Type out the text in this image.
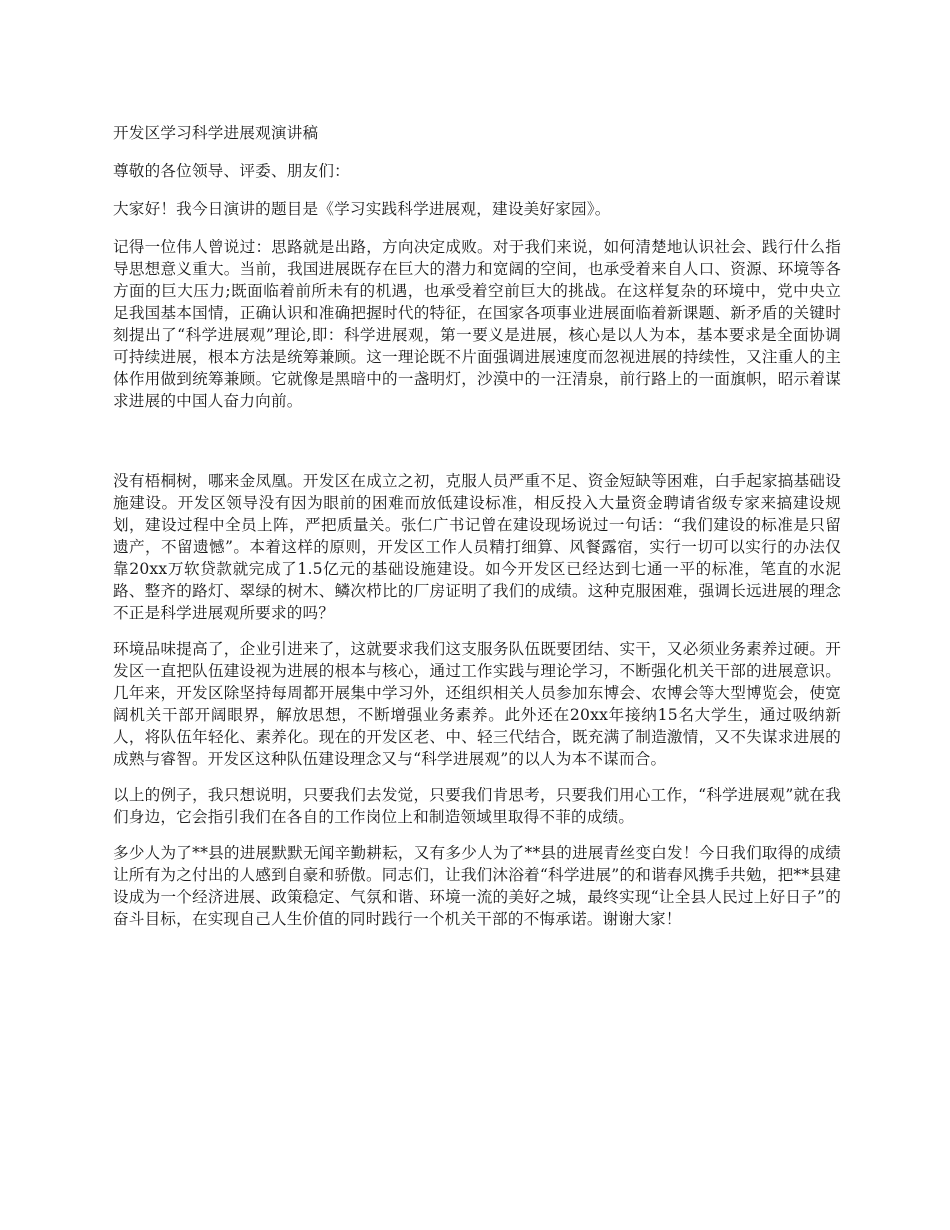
开发区学习科学进展观演讲稿

尊敬的各位领导、评委、朋友们：

大家好！我今日演讲的题目是《学习实践科学进展观，建设美好家园》。

记得一位伟人曾说过：思路就是出路，方向决定成败。对于我们来说，如何清楚地认识社会、践行什么指导思想意义重大。当前，我国进展既存在巨大的潜力和宽阔的空间，也承受着来自人口、资源、环境等各方面的巨大压力;既面临着前所未有的机遇，也承受着空前巨大的挑战。在这样复杂的环境中，党中央立足我国基本国情，正确认识和准确把握时代的特征，在国家各项事业进展面临着新课题、新矛盾的关键时刻提出了“科学进展观”理论,即：科学进展观，第一要义是进展，核心是以人为本，基本要求是全面协调可持续进展，根本方法是统筹兼顾。这一理论既不片面强调进展速度而忽视进展的持续性，又注重人的主体作用做到统筹兼顾。它就像是黑暗中的一盏明灯，沙漠中的一汪清泉，前行路上的一面旗帜，昭示着谋求进展的中国人奋力向前。

没有梧桐树，哪来金凤凰。开发区在成立之初，克服人员严重不足、资金短缺等困难，白手起家搞基础设施建设。开发区领导没有因为眼前的困难而放低建设标准，相反投入大量资金聘请省级专家来搞建设规划，建设过程中全员上阵，严把质量关。张仁广书记曾在建设现场说过一句话：“我们建设的标准是只留遗产，不留遗憾”。本着这样的原则，开发区工作人员精打细算、风餐露宿，实行一切可以实行的办法仅靠20xx万软贷款就完成了1.5亿元的基础设施建设。如今开发区已经达到七通一平的标准，笔直的水泥路、整齐的路灯、翠绿的树木、鳞次栉比的厂房证明了我们的成绩。这种克服困难，强调长远进展的理念不正是科学进展观所要求的吗？

环境品味提高了，企业引进来了，这就要求我们这支服务队伍既要团结、实干，又必须业务素养过硬。开发区一直把队伍建设视为进展的根本与核心，通过工作实践与理论学习，不断强化机关干部的进展意识。几年来，开发区除坚持每周都开展集中学习外，还组织相关人员参加东博会、农博会等大型博览会，使宽阔机关干部开阔眼界，解放思想，不断增强业务素养。此外还在20xx年接纳15名大学生，通过吸纳新人，将队伍年轻化、素养化。现在的开发区老、中、轻三代结合，既充满了制造激情，又不失谋求进展的成熟与睿智。开发区这种队伍建设理念又与“科学进展观”的以人为本不谋而合。

以上的例子，我只想说明，只要我们去发觉，只要我们肯思考，只要我们用心工作，“科学进展观”就在我们身边，它会指引我们在各自的工作岗位上和制造领域里取得不菲的成绩。

多少人为了**县的进展默默无闻辛勤耕耘，又有多少人为了**县的进展青丝变白发！今日我们取得的成绩让所有为之付出的人感到自豪和骄傲。同志们，让我们沐浴着“科学进展”的和谐春风携手共勉，把**县建设成为一个经济进展、政策稳定、气氛和谐、环境一流的美好之城，最终实现“让全县人民过上好日子”的奋斗目标，在实现自己人生价值的同时践行一个机关干部的不悔承诺。谢谢大家！
